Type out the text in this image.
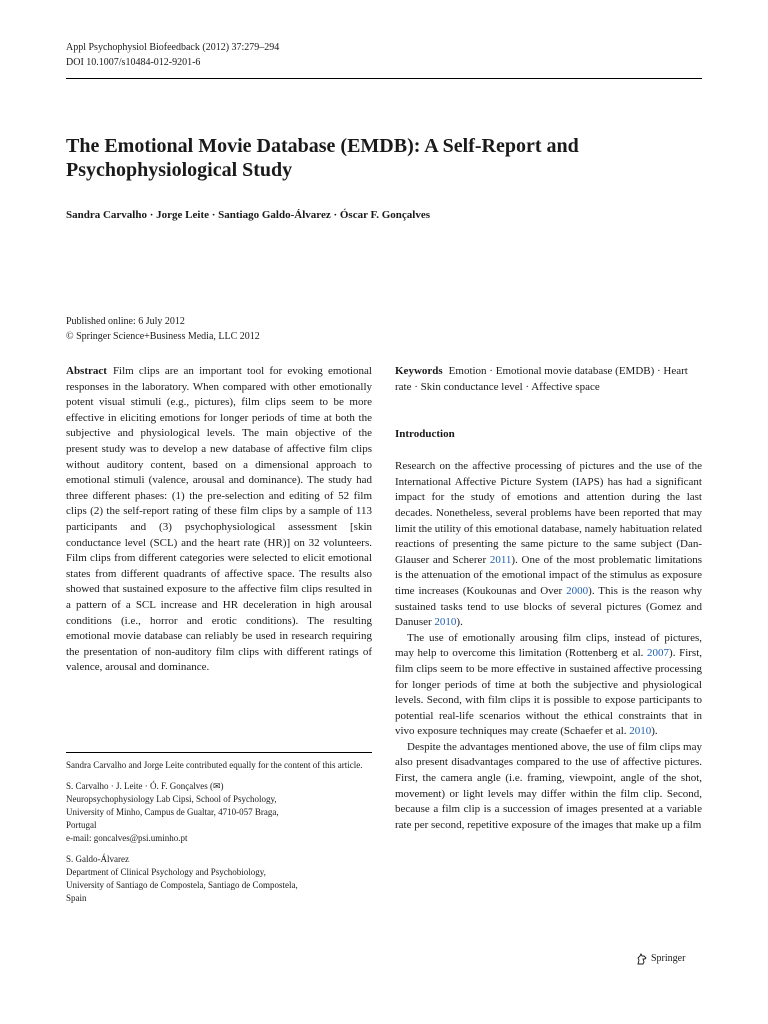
Appl Psychophysiol Biofeedback (2012) 37:279–294
DOI 10.1007/s10484-012-9201-6
The Emotional Movie Database (EMDB): A Self-Report and Psychophysiological Study
Sandra Carvalho · Jorge Leite · Santiago Galdo-Álvarez · Óscar F. Gonçalves
Published online: 6 July 2012
© Springer Science+Business Media, LLC 2012

Abstract Film clips are an important tool for evoking emotional responses in the laboratory. When compared with other emotionally potent visual stimuli (e.g., pictures), film clips seem to be more effective in eliciting emotions for longer periods of time at both the subjective and physiological levels. The main objective of the present study was to develop a new database of affective film clips without auditory content, based on a dimensional approach to emotional stimuli (valence, arousal and dominance). The study had three different phases: (1) the pre-selection and editing of 52 film clips (2) the self-report rating of these film clips by a sample of 113 participants and (3) psychophysiological assessment [skin conductance level (SCL) and the heart rate (HR)] on 32 volunteers. Film clips from different categories were selected to elicit emotional states from different quadrants of affective space. The results also showed that sustained exposure to the affective film clips resulted in a pattern of a SCL increase and HR deceleration in high arousal conditions (i.e., horror and erotic conditions). The resulting emotional movie database can reliably be used in research requiring the presentation of non-auditory film clips with different ratings of valence, arousal and dominance.

Sandra Carvalho and Jorge Leite contributed equally for the content of this article.

S. Carvalho · J. Leite · Ó. F. Gonçalves (✉)
Neuropsychophysiology Lab Cipsi, School of Psychology,
University of Minho, Campus de Gualtar, 4710-057 Braga,
Portugal
e-mail: goncalves@psi.uminho.pt

S. Galdo-Álvarez
Department of Clinical Psychology and Psychobiology,
University of Santiago de Compostela, Santiago de Compostela,
Spain

Keywords Emotion · Emotional movie database (EMDB) · Heart rate · Skin conductance level · Affective space

Introduction

Research on the affective processing of pictures and the use of the International Affective Picture System (IAPS) has had a significant impact for the study of emotions and attention during the last decades. Nonetheless, several problems have been reported that may limit the utility of this emotional database, namely habituation related reactions of presenting the same picture to the same subject (Dan-Glauser and Scherer 2011). One of the most problematic limitations is the attenuation of the emotional impact of the stimulus as exposure time increases (Koukounas and Over 2000). This is the reason why sustained tasks tend to use blocks of several pictures (Gomez and Danuser 2010).

The use of emotionally arousing film clips, instead of pictures, may help to overcome this limitation (Rottenberg et al. 2007). First, film clips seem to be more effective in sustained affective processing for longer periods of time at both the subjective and physiological levels. Second, with film clips it is possible to expose participants to potential real-life scenarios without the ethical constraints that in vivo exposure techniques may create (Schaefer et al. 2010).

Despite the advantages mentioned above, the use of film clips may also present disadvantages compared to the use of affective pictures. First, the camera angle (i.e. framing, viewpoint, angle of the shot, movement) or light levels may differ within the film clip. Second, because a film clip is a succession of images presented at a variable rate per second, repetitive exposure of the images that make up a film

Springer
